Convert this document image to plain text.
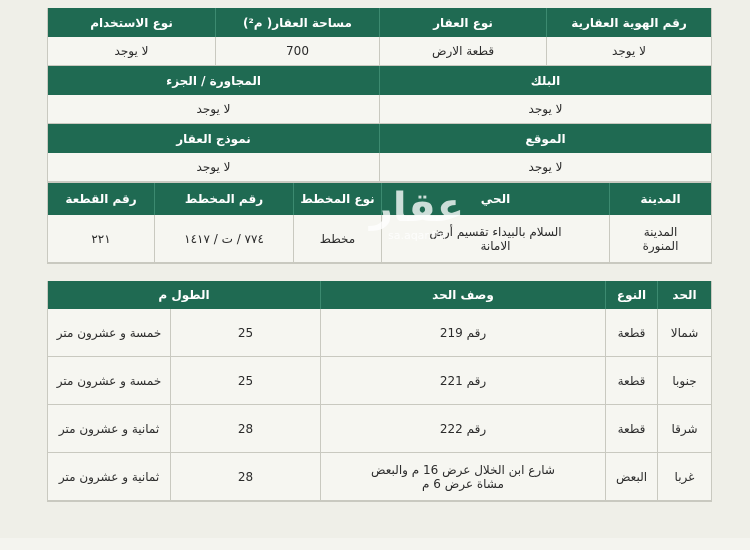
رقم الهوية العقارية
نوع العقار
مساحة العقار( م²)
نوع الاستخدام
لا يوجد
قطعة الارض
700
لا يوجد
البلك
المجاورة / الجزء
لا يوجد
لا يوجد
الموقع
نموذج العقار
لا يوجد
لا يوجد
المدينة
الحي
نوع المخطط
رقم المخطط
رقم القطعة
المدينة
المنورة
السلام بالبيداء تقسيم أرض
الامانة
مخطط
٧٧٤ / ت / ١٤١٧
٢٢١
الحد
النوع
وصف الحد
الطول م
شمالا
قطعة
رقم 219
25
خمسة و عشرون متر
جنوبا
قطعة
رقم 221
25
خمسة و عشرون متر
شرقا
قطعة
رقم 222
28
ثمانية و عشرون متر
غربا
البعض
شارع ابن الخلال عرض 16 م والبعض مشاة عرض 6 م
28
ثمانية و عشرون متر
عقار
sa.aqar.fm
